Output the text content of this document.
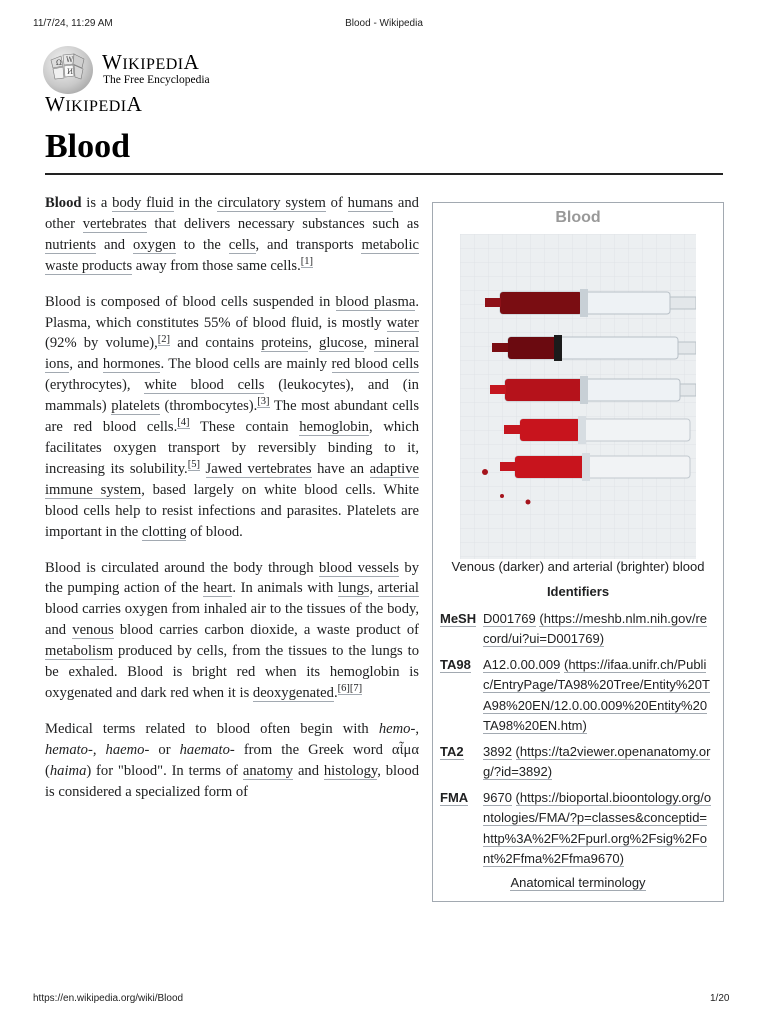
11/7/24, 11:29 AM	Blood - Wikipedia
Ω W
И WIKIPEDIA
The Free Encyclopedia
WIKIPEDIA
Blood

Blood is a body fluid in the circulatory system of humans and other vertebrates that delivers necessary substances such as nutrients and oxygen to the cells, and transports metabolic waste products away from those same cells.[1]

Blood is composed of blood cells suspended in blood plasma. Plasma, which constitutes 55% of blood fluid, is mostly water (92% by volume),[2] and contains proteins, glucose, mineral ions, and hormones. The blood cells are mainly red blood cells (erythrocytes), white blood cells (leukocytes), and (in mammals) platelets (thrombocytes).[3] The most abundant cells are red blood cells.[4] These contain hemoglobin, which facilitates oxygen transport by reversibly binding to it, increasing its solubility.[5] Jawed vertebrates have an adaptive immune system, based largely on white blood cells. White blood cells help to resist infections and parasites. Platelets are important in the clotting of blood.

Blood is circulated around the body through blood vessels by the pumping action of the heart. In animals with lungs, arterial blood carries oxygen from inhaled air to the tissues of the body, and venous blood carries carbon dioxide, a waste product of metabolism produced by cells, from the tissues to the lungs to be exhaled. Blood is bright red when its hemoglobin is oxygenated and dark red when it is deoxygenated.[6][7]

Medical terms related to blood often begin with hemo-, hemato-, haemo- or haemato- from the Greek word αἷμα (haima) for "blood". In terms of anatomy and histology, blood is considered a specialized form of

Blood
Venous (darker) and arterial (brighter) blood
Identifiers
MeSH D001769 (https://meshb.nlm.nih.gov/re
cord/ui?ui=D001769)
TA98 A12.0.00.009 (https://ifaa.unifr.ch/Publi
c/EntryPage/TA98%20Tree/Entity%20T
A98%20EN/12.0.00.009%20Entity%20
TA98%20EN.htm)
TA2 3892 (https://ta2viewer.openanatomy.or
g/?id=3892)
FMA 9670 (https://bioportal.bioontology.org/o
ntologies/FMA/?p=classes&conceptid=
http%3A%2F%2Fpurl.org%2Fsig%2Fo
nt%2Ffma%2Ffma9670)
Anatomical terminology
https://en.wikipedia.org/wiki/Blood	1/20
